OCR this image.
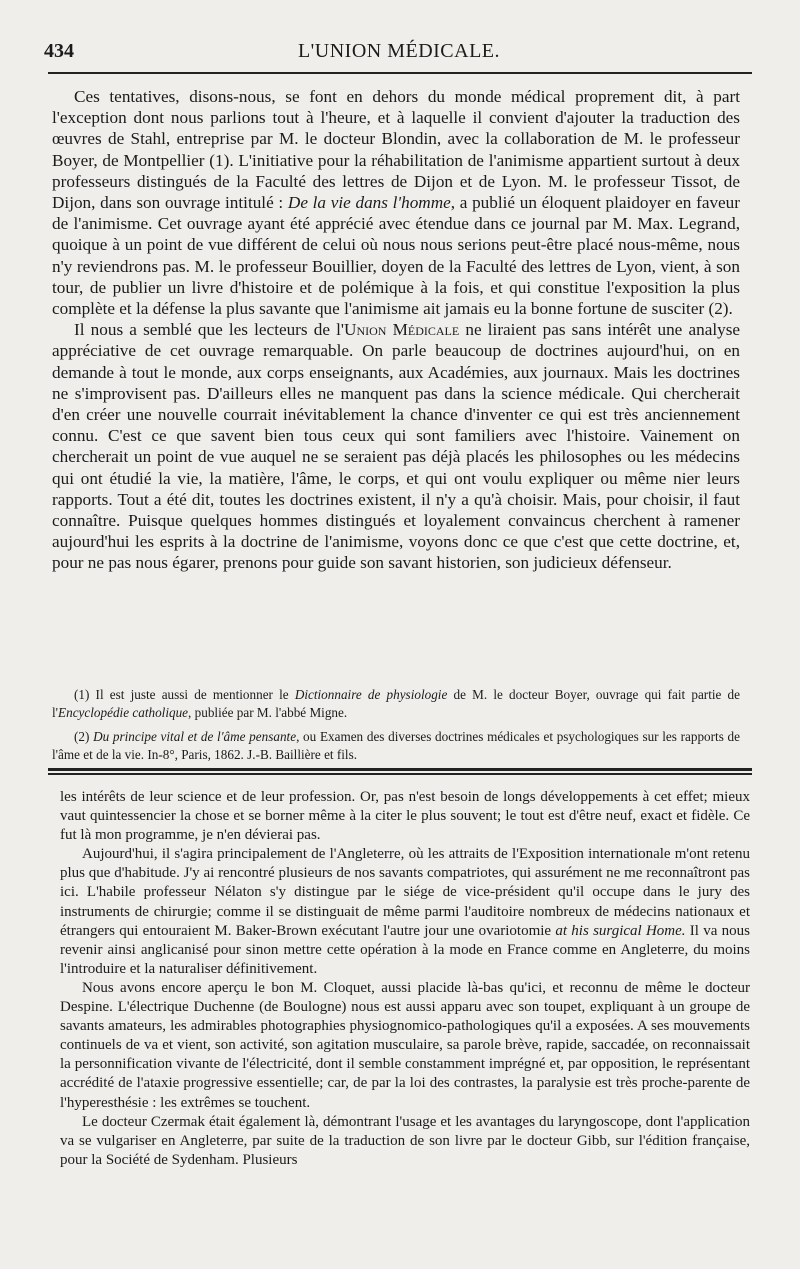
434	L'UNION MÉDICALE.

Ces tentatives, disons-nous, se font en dehors du monde médical proprement dit, à part l'exception dont nous parlions tout à l'heure, et à laquelle il convient d'ajouter la traduction des œuvres de Stahl, entreprise par M. le docteur Blondin, avec la collaboration de M. le professeur Boyer, de Montpellier (1). L'initiative pour la réhabilitation de l'animisme appartient surtout à deux professeurs distingués de la Faculté des lettres de Dijon et de Lyon. M. le professeur Tissot, de Dijon, dans son ouvrage intitulé : De la vie dans l'homme, a publié un éloquent plaidoyer en faveur de l'animisme. Cet ouvrage ayant été apprécié avec étendue dans ce journal par M. Max. Legrand, quoique à un point de vue différent de celui où nous nous serions peut-être placé nous-même, nous n'y reviendrons pas. M. le professeur Bouillier, doyen de la Faculté des lettres de Lyon, vient, à son tour, de publier un livre d'histoire et de polémique à la fois, et qui constitue l'exposition la plus complète et la défense la plus savante que l'animisme ait jamais eu la bonne fortune de susciter (2).

Il nous a semblé que les lecteurs de l'Union Médicale ne liraient pas sans intérêt une analyse appréciative de cet ouvrage remarquable. On parle beaucoup de doctrines aujourd'hui, on en demande à tout le monde, aux corps enseignants, aux Académies, aux journaux. Mais les doctrines ne s'improvisent pas. D'ailleurs elles ne manquent pas dans la science médicale. Qui chercherait d'en créer une nouvelle courrait inévitablement la chance d'inventer ce qui est très anciennement connu. C'est ce que savent bien tous ceux qui sont familiers avec l'histoire. Vainement on chercherait un point de vue auquel ne se seraient pas déjà placés les philosophes ou les médecins qui ont étudié la vie, la matière, l'âme, le corps, et qui ont voulu expliquer ou même nier leurs rapports. Tout a été dit, toutes les doctrines existent, il n'y a qu'à choisir. Mais, pour choisir, il faut connaître. Puisque quelques hommes distingués et loyalement convaincus cherchent à ramener aujourd'hui les esprits à la doctrine de l'animisme, voyons donc ce que c'est que cette doctrine, et, pour ne pas nous égarer, prenons pour guide son savant historien, son judicieux défenseur.

(1) Il est juste aussi de mentionner le Dictionnaire de physiologie de M. le docteur Boyer, ouvrage qui fait partie de l'Encyclopédie catholique, publiée par M. l'abbé Migne.

(2) Du principe vital et de l'âme pensante, ou Examen des diverses doctrines médicales et psychologiques sur les rapports de l'âme et de la vie. In-8°, Paris, 1862. J.-B. Baillière et fils.

les intérêts de leur science et de leur profession. Or, pas n'est besoin de longs développements à cet effet; mieux vaut quintessencier la chose et se borner même à la citer le plus souvent; le tout est d'être neuf, exact et fidèle. Ce fut là mon programme, je n'en dévierai pas.

Aujourd'hui, il s'agira principalement de l'Angleterre, où les attraits de l'Exposition internationale m'ont retenu plus que d'habitude. J'y ai rencontré plusieurs de nos savants compatriotes, qui assurément ne me reconnaîtront pas ici. L'habile professeur Nélaton s'y distingue par le siége de vice-président qu'il occupe dans le jury des instruments de chirurgie; comme il se distinguait de même parmi l'auditoire nombreux de médecins nationaux et étrangers qui entouraient M. Baker-Brown exécutant l'autre jour une ovariotomie at his surgical Home. Il va nous revenir ainsi anglicanisé pour sinon mettre cette opération à la mode en France comme en Angleterre, du moins l'introduire et la naturaliser définitivement.

Nous avons encore aperçu le bon M. Cloquet, aussi placide là-bas qu'ici, et reconnu de même le docteur Despine. L'électrique Duchenne (de Boulogne) nous est aussi apparu avec son toupet, expliquant à un groupe de savants amateurs, les admirables photographies physiognomico-pathologiques qu'il a exposées. A ses mouvements continuels de va et vient, son activité, son agitation musculaire, sa parole brève, rapide, saccadée, on reconnaissait la personnification vivante de l'électricité, dont il semble constamment imprégné et, par opposition, le représentant accrédité de l'ataxie progressive essentielle; car, de par la loi des contrastes, la paralysie est très proche-parente de l'hyperesthésie : les extrêmes se touchent.

Le docteur Czermak était également là, démontrant l'usage et les avantages du laryngoscope, dont l'application va se vulgariser en Angleterre, par suite de la traduction de son livre par le docteur Gibb, sur l'édition française, pour la Société de Sydenham. Plusieurs
